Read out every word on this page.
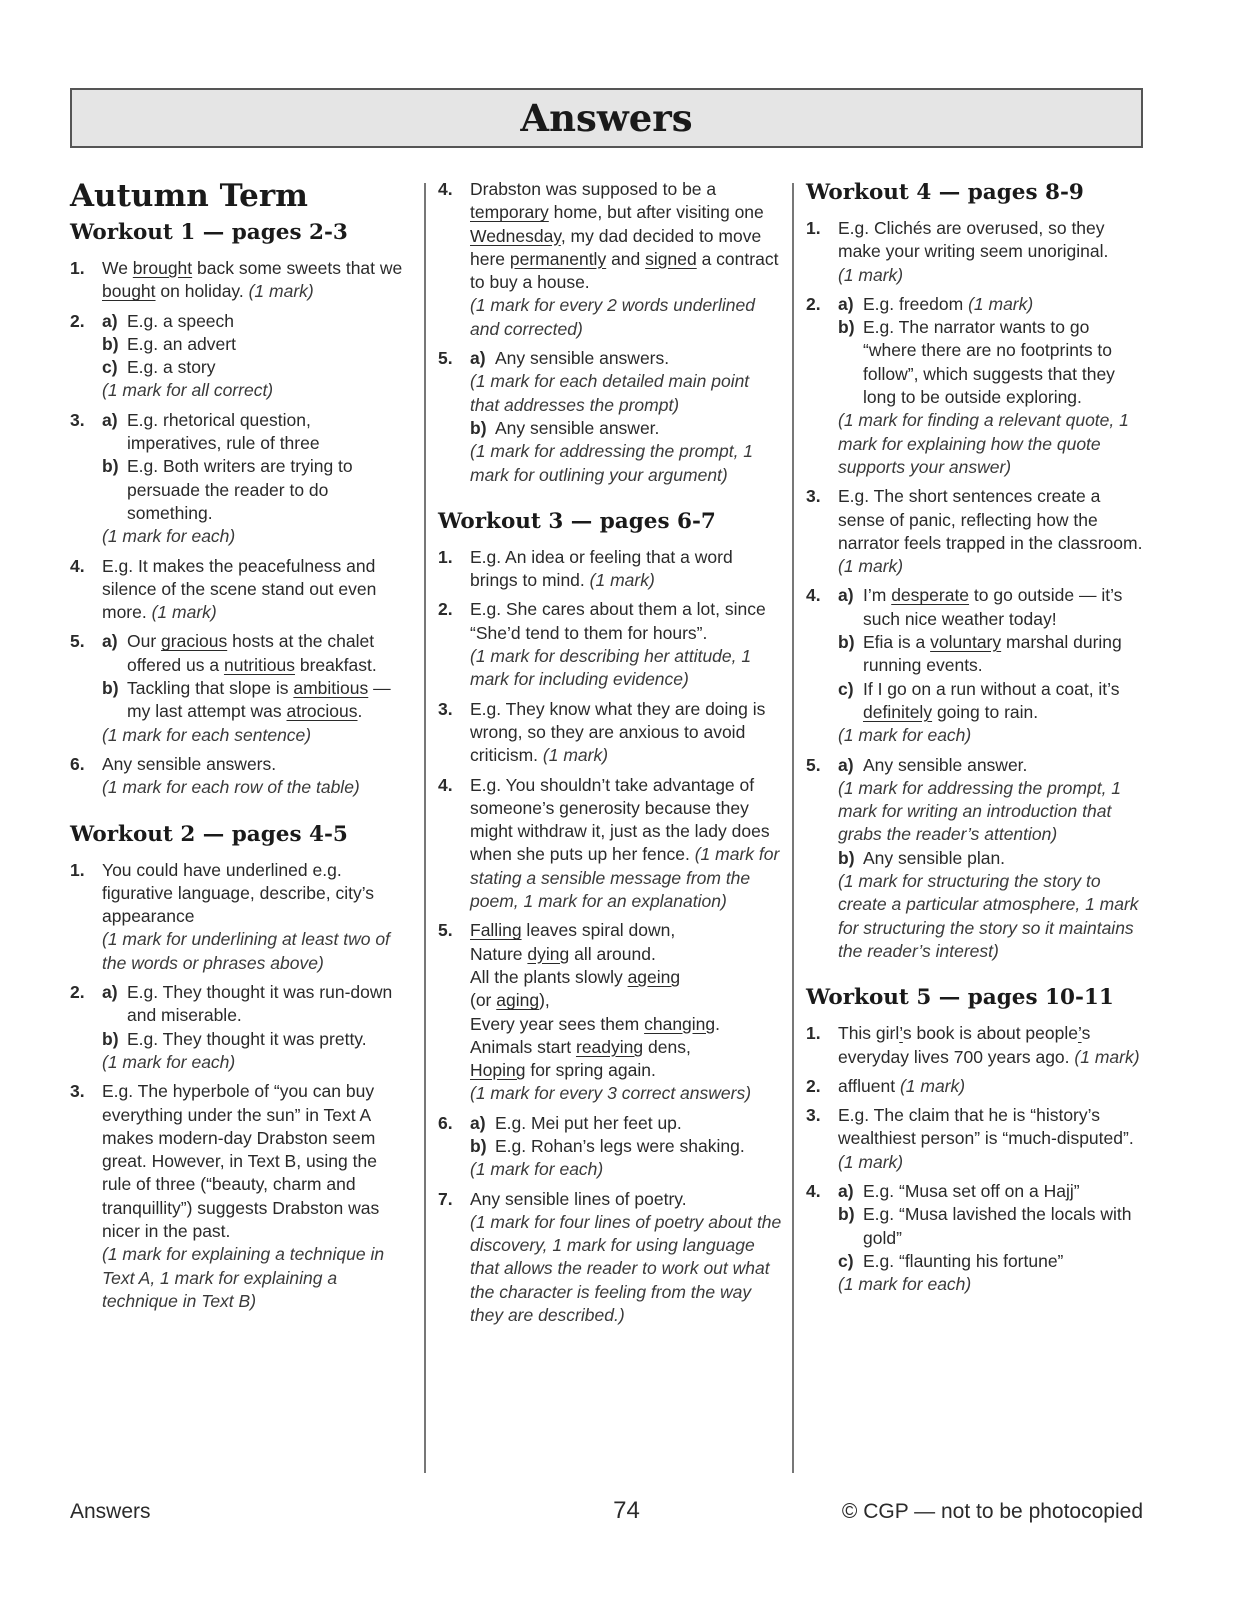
Answers
Autumn Term
Workout 1 — pages 2-3
1. We brought back some sweets that we bought on holiday. (1 mark)
2. a) E.g. a speech
b) E.g. an advert
c) E.g. a story
(1 mark for all correct)
3. a) E.g. rhetorical question, imperatives, rule of three
b) E.g. Both writers are trying to persuade the reader to do something.
(1 mark for each)
4. E.g. It makes the peacefulness and silence of the scene stand out even more. (1 mark)
5. a) Our gracious hosts at the chalet offered us a nutritious breakfast.
b) Tackling that slope is ambitious — my last attempt was atrocious.
(1 mark for each sentence)
6. Any sensible answers.
(1 mark for each row of the table)
Workout 2 — pages 4-5
1. You could have underlined e.g. figurative language, describe, city’s appearance
(1 mark for underlining at least two of the words or phrases above)
2. a) E.g. They thought it was run-down and miserable.
b) E.g. They thought it was pretty.
(1 mark for each)
3. E.g. The hyperbole of “you can buy everything under the sun” in Text A makes modern-day Drabston seem great. However, in Text B, using the rule of three (“beauty, charm and tranquillity”) suggests Drabston was nicer in the past.
(1 mark for explaining a technique in Text A, 1 mark for explaining a technique in Text B)
4. Drabston was supposed to be a temporary home, but after visiting one Wednesday, my dad decided to move here permanently and signed a contract to buy a house.
(1 mark for every 2 words underlined and corrected)
5. a) Any sensible answers.
(1 mark for each detailed main point that addresses the prompt)
b) Any sensible answer.
(1 mark for addressing the prompt, 1 mark for outlining your argument)
Workout 3 — pages 6-7
1. E.g. An idea or feeling that a word brings to mind. (1 mark)
2. E.g. She cares about them a lot, since “She’d tend to them for hours”.
(1 mark for describing her attitude, 1 mark for including evidence)
3. E.g. They know what they are doing is wrong, so they are anxious to avoid criticism. (1 mark)
4. E.g. You shouldn’t take advantage of someone’s generosity because they might withdraw it, just as the lady does when she puts up her fence. (1 mark for stating a sensible message from the poem, 1 mark for an explanation)
5. Falling leaves spiral down,
Nature dying all around.
All the plants slowly ageing
(or aging),
Every year sees them changing.
Animals start readying dens,
Hoping for spring again.
(1 mark for every 3 correct answers)
6. a) E.g. Mei put her feet up.
b) E.g. Rohan’s legs were shaking.
(1 mark for each)
7. Any sensible lines of poetry.
(1 mark for four lines of poetry about the discovery, 1 mark for using language that allows the reader to work out what the character is feeling from the way they are described.)
Workout 4 — pages 8-9
1. E.g. Clichés are overused, so they make your writing seem unoriginal.
(1 mark)
2. a) E.g. freedom (1 mark)
b) E.g. The narrator wants to go “where there are no footprints to follow”, which suggests that they long to be outside exploring.
(1 mark for finding a relevant quote, 1 mark for explaining how the quote supports your answer)
3. E.g. The short sentences create a sense of panic, reflecting how the narrator feels trapped in the classroom. (1 mark)
4. a) I’m desperate to go outside — it’s such nice weather today!
b) Efia is a voluntary marshal during running events.
c) If I go on a run without a coat, it’s definitely going to rain.
(1 mark for each)
5. a) Any sensible answer.
(1 mark for addressing the prompt, 1 mark for writing an introduction that grabs the reader’s attention)
b) Any sensible plan.
(1 mark for structuring the story to create a particular atmosphere, 1 mark for structuring the story so it maintains the reader’s interest)
Workout 5 — pages 10-11
1. This girl’s book is about people’s everyday lives 700 years ago. (1 mark)
2. affluent (1 mark)
3. E.g. The claim that he is “history’s wealthiest person” is “much-disputed”. (1 mark)
4. a) E.g. “Musa set off on a Hajj”
b) E.g. “Musa lavished the locals with gold”
c) E.g. “flaunting his fortune”
(1 mark for each)
Answers	74	© CGP — not to be photocopied
